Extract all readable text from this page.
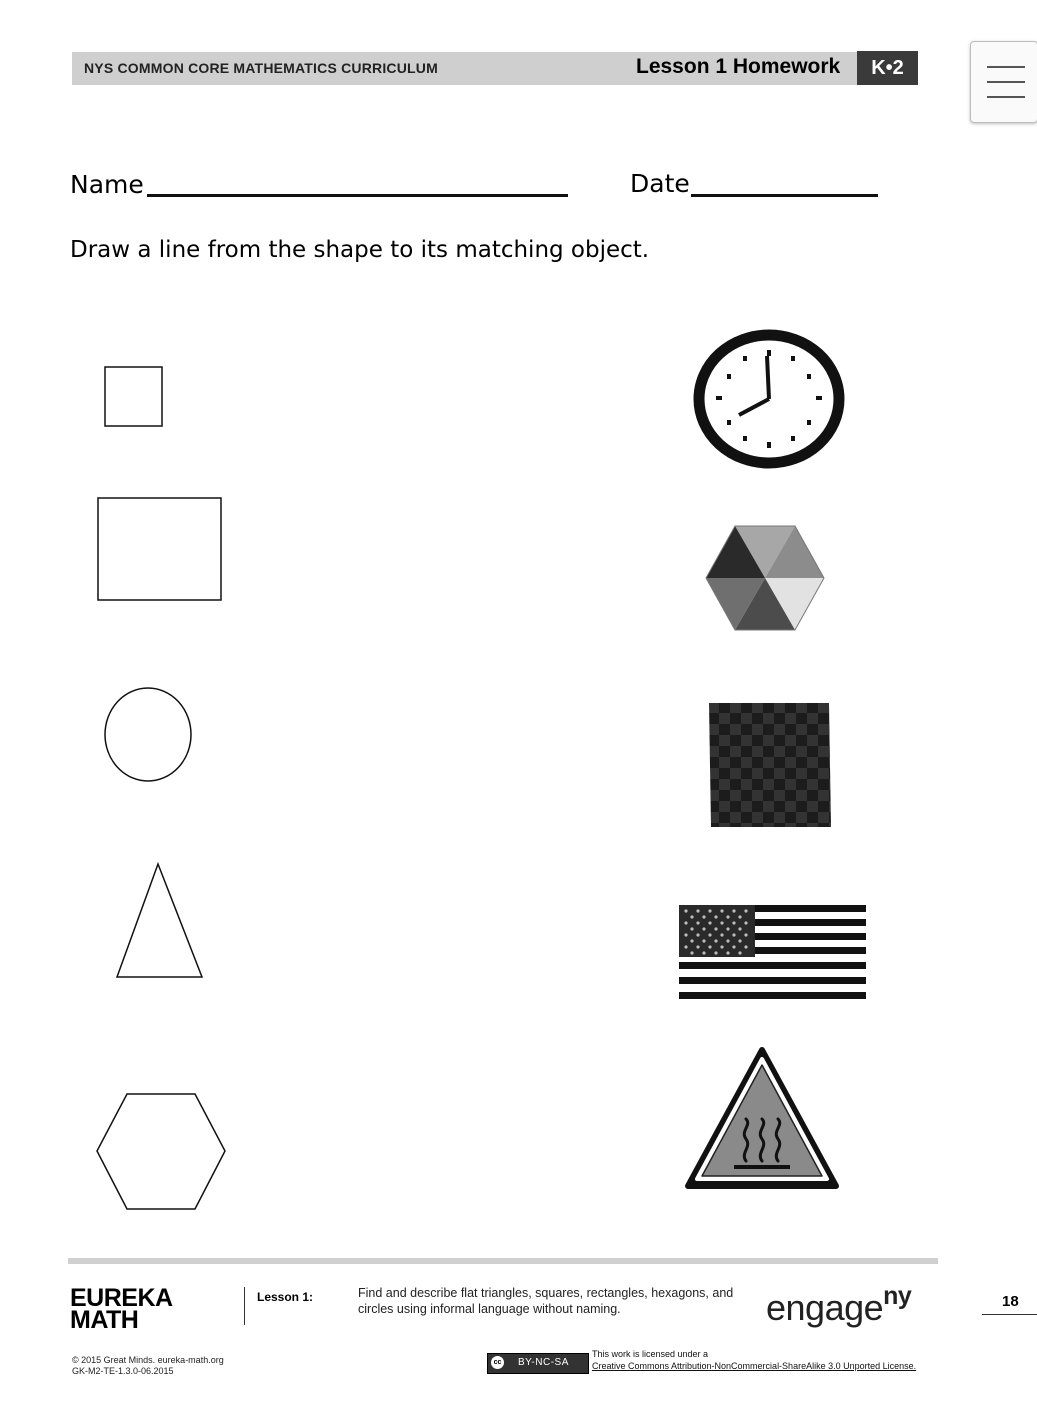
NYS COMMON CORE MATHEMATICS CURRICULUM	Lesson 1 Homework	K•2
Name	Date
Draw a line from the shape to its matching object.
EUREKA
MATH
Lesson 1:	Find and describe flat triangles, squares, rectangles, hexagons, and circles using informal language without naming.	engage$^{ny}$	18
© 2015 Great Minds. eureka-math.org
GK-M2-TE-1.3.0-06.2015
cc BY-NC-SA
This work is licensed under a
Creative Commons Attribution-NonCommercial-ShareAlike 3.0 Unported License.
